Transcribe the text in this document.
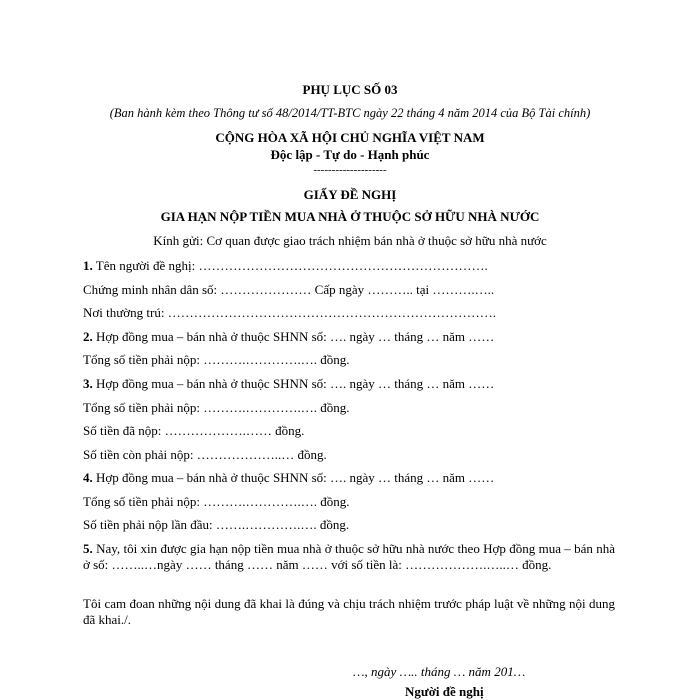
PHỤ LỤC SỐ 03
(Ban hành kèm theo Thông tư số 48/2014/TT-BTC ngày 22 tháng 4 năm 2014 của Bộ Tài chính)
CỘNG HÒA XÃ HỘI CHỦ NGHĨA VIỆT NAM
Độc lập - Tự do - Hạnh phúc
--------------------
GIẤY ĐỀ NGHỊ
GIA HẠN NỘP TIỀN MUA NHÀ Ở THUỘC SỞ HỮU NHÀ NƯỚC
Kính gửi: Cơ quan được giao trách nhiệm bán nhà ở thuộc sở hữu nhà nước
1. Tên người đề nghị: ………………………………………………………….
Chứng minh nhân dân số: ………………… Cấp ngày ……….. tại ……….…..
Nơi thường trú: ………………………………………………………………….
2. Hợp đồng mua – bán nhà ở thuộc SHNN số: …. ngày … tháng … năm ……
Tổng số tiền phải nộp: ……….………….…. đồng.
3. Hợp đồng mua – bán nhà ở thuộc SHNN số: …. ngày … tháng … năm ……
Tổng số tiền phải nộp: ……….………….…. đồng.
Số tiền đã nộp: ……………….…… đồng.
Số tiền còn phải nộp: ………………..… đồng.
4. Hợp đồng mua – bán nhà ở thuộc SHNN số: …. ngày … tháng … năm ……
Tổng số tiền phải nộp: ……….………….…. đồng.
Số tiền phải nộp lần đầu: …….………….…. đồng.
5. Nay, tôi xin được gia hạn nộp tiền mua nhà ở thuộc sở hữu nhà nước theo Hợp đồng mua – bán nhà ở số: ……..…ngày …… tháng …… năm …… với số tiền là: ……………….…..… đồng.
Tôi cam đoan những nội dung đã khai là đúng và chịu trách nhiệm trước pháp luật về những nội dung đã khai./.
…, ngày ….. tháng … năm 201…
Người đề nghị
